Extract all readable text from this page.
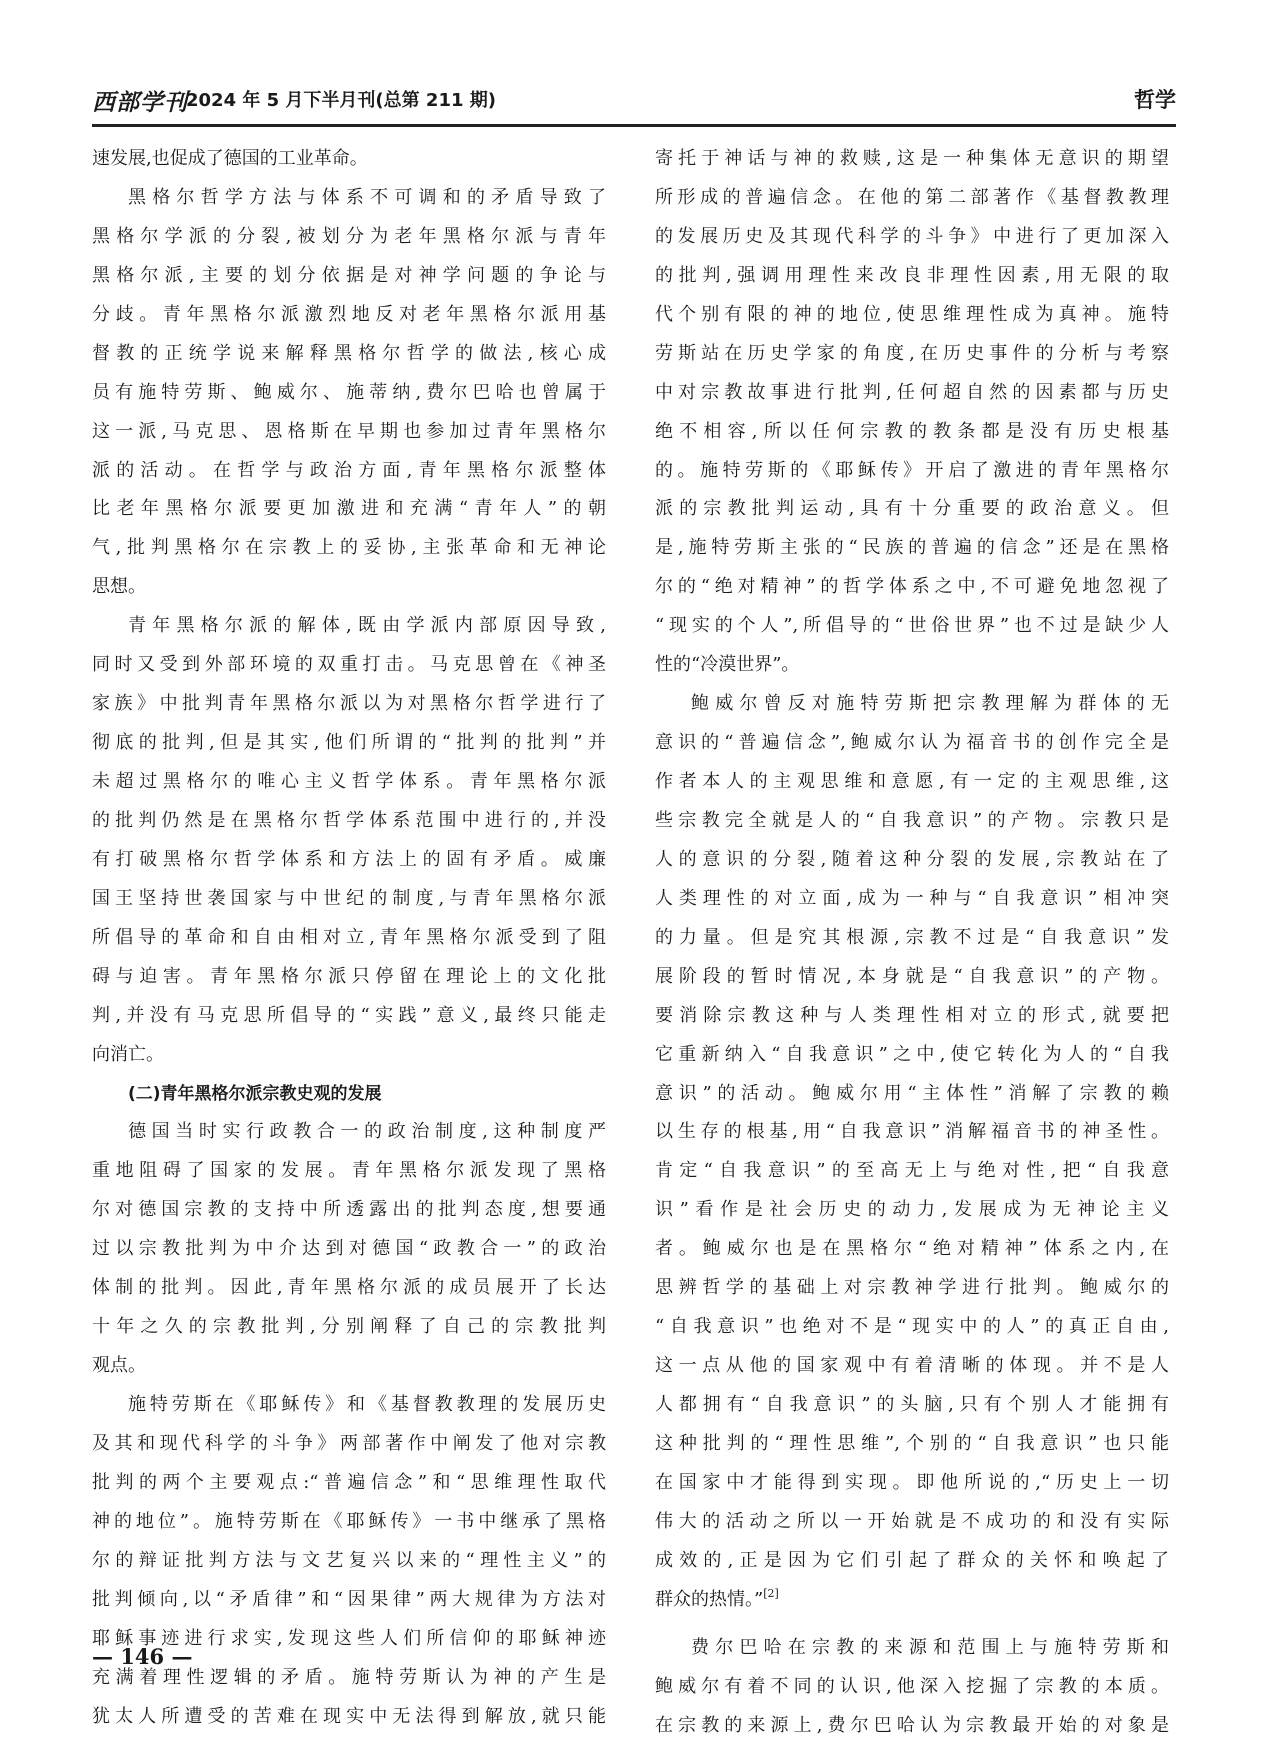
西部学刊
2024 年 5 月下半月刊(总第 211 期)	哲学
速发展,也促成了德国的工业革命。
黑格尔哲学方法与体系不可调和的矛盾导致了
黑格尔学派的分裂,被划分为老年黑格尔派与青年
黑格尔派,主要的划分依据是对神学问题的争论与
分歧。青年黑格尔派激烈地反对老年黑格尔派用基
督教的正统学说来解释黑格尔哲学的做法,核心成
员有施特劳斯、鲍威尔、施蒂纳,费尔巴哈也曾属于
这一派,马克思、恩格斯在早期也参加过青年黑格尔
派的活动。在哲学与政治方面,青年黑格尔派整体
比老年黑格尔派要更加激进和充满“青年人”的朝
气,批判黑格尔在宗教上的妥协,主张革命和无神论
思想。
青年黑格尔派的解体,既由学派内部原因导致,
同时又受到外部环境的双重打击。马克思曾在《神圣
家族》中批判青年黑格尔派以为对黑格尔哲学进行了
彻底的批判,但是其实,他们所谓的“批判的批判”并
未超过黑格尔的唯心主义哲学体系。青年黑格尔派
的批判仍然是在黑格尔哲学体系范围中进行的,并没
有打破黑格尔哲学体系和方法上的固有矛盾。威廉
国王坚持世袭国家与中世纪的制度,与青年黑格尔派
所倡导的革命和自由相对立,青年黑格尔派受到了阻
碍与迫害。青年黑格尔派只停留在理论上的文化批
判,并没有马克思所倡导的“实践”意义,最终只能走
向消亡。
(二)青年黑格尔派宗教史观的发展
德国当时实行政教合一的政治制度,这种制度严
重地阻碍了国家的发展。青年黑格尔派发现了黑格
尔对德国宗教的支持中所透露出的批判态度,想要通
过以宗教批判为中介达到对德国“政教合一”的政治
体制的批判。因此,青年黑格尔派的成员展开了长达
十年之久的宗教批判,分别阐释了自己的宗教批判
观点。
施特劳斯在《耶稣传》和《基督教教理的发展历史
及其和现代科学的斗争》两部著作中阐发了他对宗教
批判的两个主要观点:“普遍信念”和“思维理性取代
神的地位”。施特劳斯在《耶稣传》一书中继承了黑格
尔的辩证批判方法与文艺复兴以来的“理性主义”的
批判倾向,以“矛盾律”和“因果律”两大规律为方法对
耶稣事迹进行求实,发现这些人们所信仰的耶稣神迹
充满着理性逻辑的矛盾。施特劳斯认为神的产生是
犹太人所遭受的苦难在现实中无法得到解放,就只能
寄托于神话与神的救赎,这是一种集体无意识的期望
所形成的普遍信念。在他的第二部著作《基督教教理
的发展历史及其现代科学的斗争》中进行了更加深入
的批判,强调用理性来改良非理性因素,用无限的取
代个别有限的神的地位,使思维理性成为真神。施特
劳斯站在历史学家的角度,在历史事件的分析与考察
中对宗教故事进行批判,任何超自然的因素都与历史
绝不相容,所以任何宗教的教条都是没有历史根基
的。施特劳斯的《耶稣传》开启了激进的青年黑格尔
派的宗教批判运动,具有十分重要的政治意义。但
是,施特劳斯主张的“民族的普遍的信念”还是在黑格
尔的“绝对精神”的哲学体系之中,不可避免地忽视了
“现实的个人”,所倡导的“世俗世界”也不过是缺少人
性的“冷漠世界”。
鲍威尔曾反对施特劳斯把宗教理解为群体的无
意识的“普遍信念”,鲍威尔认为福音书的创作完全是
作者本人的主观思维和意愿,有一定的主观思维,这
些宗教完全就是人的“自我意识”的产物。宗教只是
人的意识的分裂,随着这种分裂的发展,宗教站在了
人类理性的对立面,成为一种与“自我意识”相冲突
的力量。但是究其根源,宗教不过是“自我意识”发
展阶段的暂时情况,本身就是“自我意识”的产物。
要消除宗教这种与人类理性相对立的形式,就要把
它重新纳入“自我意识”之中,使它转化为人的“自我
意识”的活动。鲍威尔用“主体性”消解了宗教的赖
以生存的根基,用“自我意识”消解福音书的神圣性。
肯定“自我意识”的至高无上与绝对性,把“自我意
识”看作是社会历史的动力,发展成为无神论主义
者。鲍威尔也是在黑格尔“绝对精神”体系之内,在
思辨哲学的基础上对宗教神学进行批判。鲍威尔的
“自我意识”也绝对不是“现实中的人”的真正自由,
这一点从他的国家观中有着清晰的体现。并不是人
人都拥有“自我意识”的头脑,只有个别人才能拥有
这种批判的“理性思维”,个别的“自我意识”也只能
在国家中才能得到实现。即他所说的,“历史上一切
伟大的活动之所以一开始就是不成功的和没有实际
成效的,正是因为它们引起了群众的关怀和唤起了
群众的热情。”[2]
费尔巴哈在宗教的来源和范围上与施特劳斯和
鲍威尔有着不同的认识,他深入挖掘了宗教的本质。
在宗教的来源上,费尔巴哈认为宗教最开始的对象是
— 146 —
